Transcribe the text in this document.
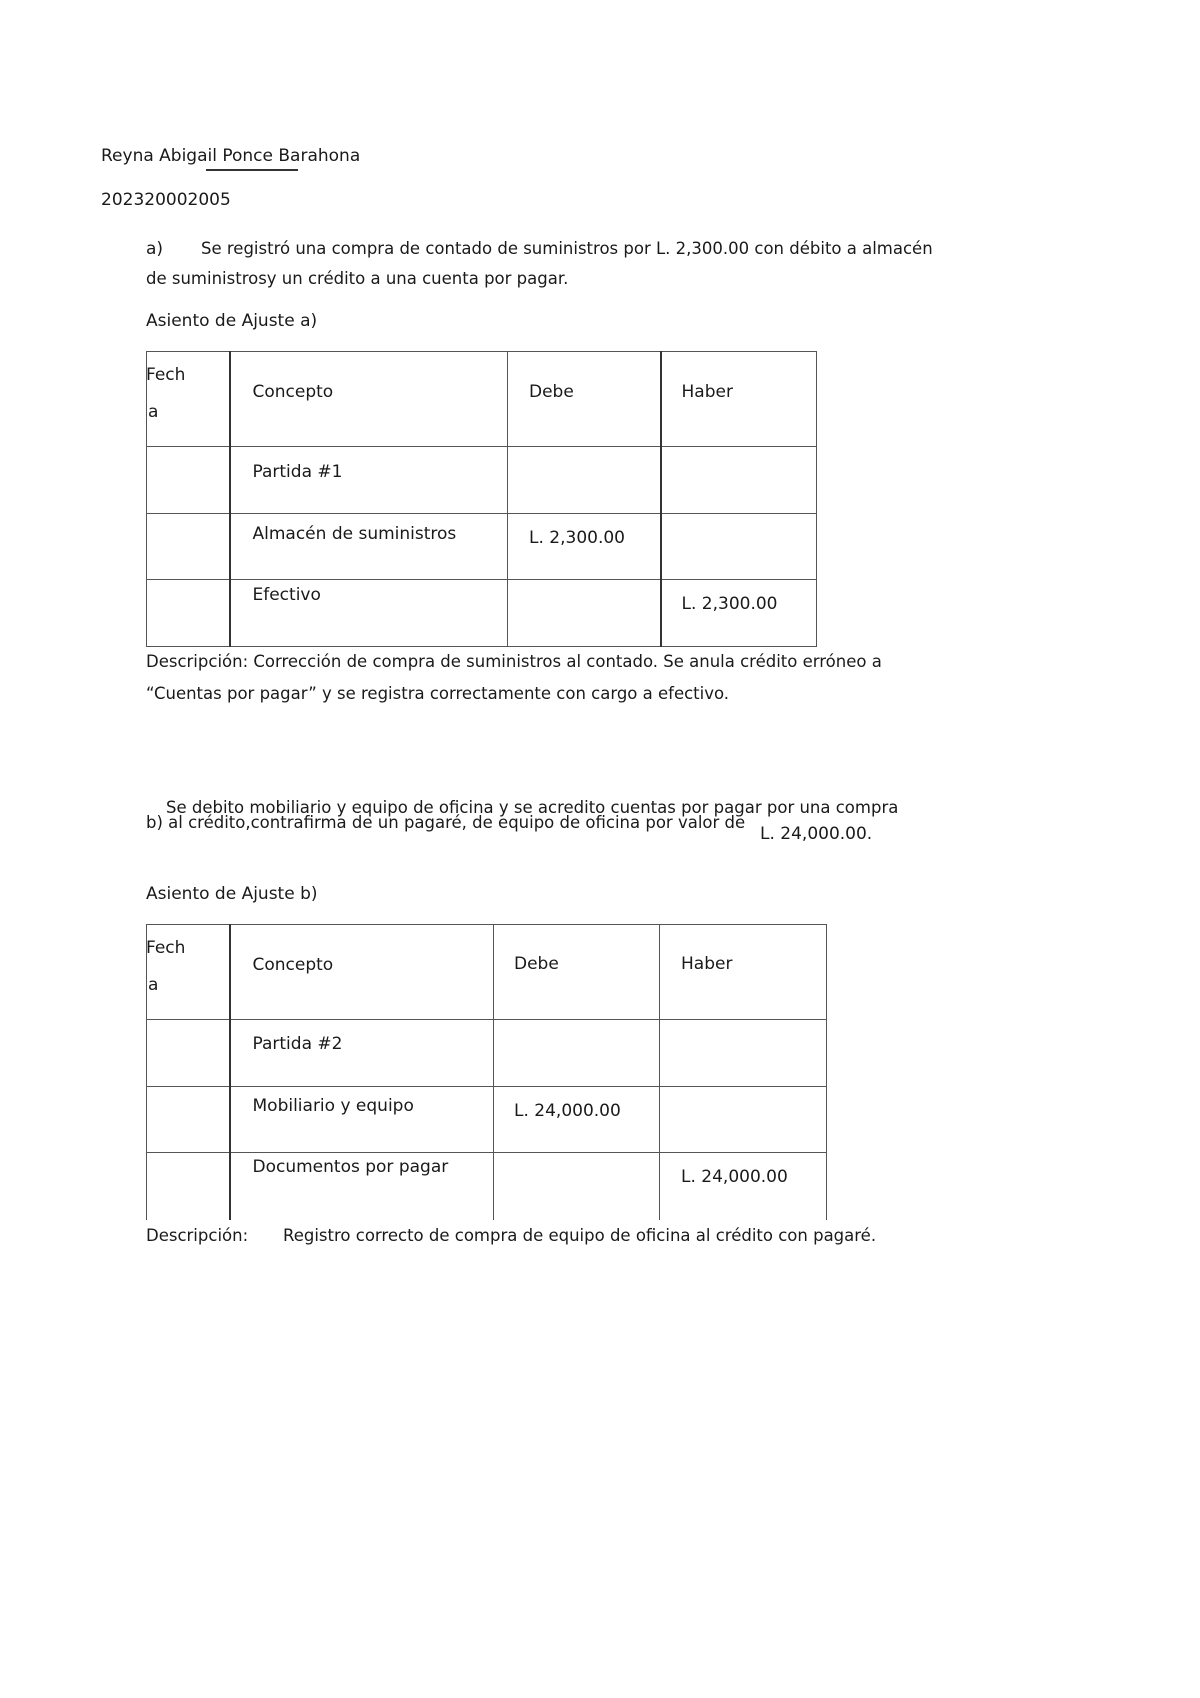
Reyna Abigail Ponce Barahona
202320002005
a) Se registró una compra de contado de suministros por L. 2,300.00 con débito a almacén
de suministrosy un crédito a una cuenta por pagar.
Asiento de Ajuste a)
Fech
a	Concepto	Debe	Haber

	Partida #1		

	Almacén de suministros	L. 2,300.00	

	Efectivo		L. 2,300.00
Descripción: Corrección de compra de suministros al contado. Se anula crédito erróneo a
“Cuentas por pagar” y se registra correctamente con cargo a efectivo.
Se debito mobiliario y equipo de oficina y se acredito cuentas por pagar por una compra
b) al crédito,contrafirma de un pagaré, de equipo de oficina por valor de
L. 24,000.00.
Asiento de Ajuste b)
Fech
a	Concepto	Debe	Haber

	Partida #2		

	Mobiliario y equipo	L. 24,000.00	

	Documentos por pagar		L. 24,000.00
Descripción: Registro correcto de compra de equipo de oficina al crédito con pagaré.
